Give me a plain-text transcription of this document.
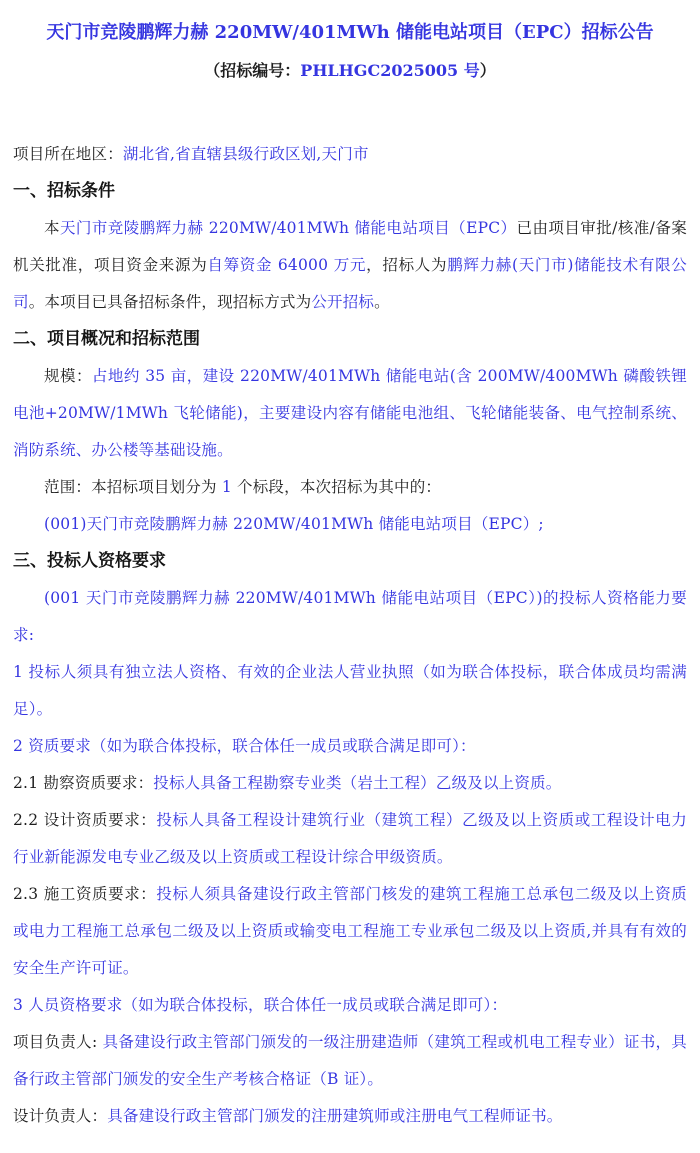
天门市竞陵鹏辉力赫 220MW/401MWh 储能电站项目（EPC）招标公告
（招标编号：PHLHGC2025005 号）

项目所在地区：湖北省,省直辖县级行政区划,天门市

一、招标条件

本天门市竞陵鹏辉力赫 220MW/401MWh 储能电站项目（EPC）已由项目审批/核准/备案机关批准，项目资金来源为自筹资金 64000 万元，招标人为鹏辉力赫(天门市)储能技术有限公司。本项目已具备招标条件，现招标方式为公开招标。

二、项目概况和招标范围

规模：占地约 35 亩，建设 220MW/401MWh 储能电站(含 200MW/400MWh 磷酸铁锂电池+20MW/1MWh 飞轮储能)，主要建设内容有储能电池组、飞轮储能装备、电气控制系统、消防系统、办公楼等基础设施。

范围：本招标项目划分为 1 个标段，本次招标为其中的：

(001)天门市竞陵鹏辉力赫 220MW/401MWh 储能电站项目（EPC）;

三、投标人资格要求

(001 天门市竞陵鹏辉力赫 220MW/401MWh 储能电站项目（EPC）)的投标人资格能力要求:

1 投标人须具有独立法人资格、有效的企业法人营业执照（如为联合体投标，联合体成员均需满足）。

2 资质要求（如为联合体投标，联合体任一成员或联合满足即可）：

2.1 勘察资质要求：投标人具备工程勘察专业类（岩土工程）乙级及以上资质。

2.2 设计资质要求：投标人具备工程设计建筑行业（建筑工程）乙级及以上资质或工程设计电力行业新能源发电专业乙级及以上资质或工程设计综合甲级资质。

2.3 施工资质要求：投标人须具备建设行政主管部门核发的建筑工程施工总承包二级及以上资质或电力工程施工总承包二级及以上资质或输变电工程施工专业承包二级及以上资质,并具有有效的安全生产许可证。

3 人员资格要求（如为联合体投标，联合体任一成员或联合满足即可）：

项目负责人: 具备建设行政主管部门颁发的一级注册建造师（建筑工程或机电工程专业）证书，具备行政主管部门颁发的安全生产考核合格证（B 证）。

设计负责人：具备建设行政主管部门颁发的注册建筑师或注册电气工程师证书。
